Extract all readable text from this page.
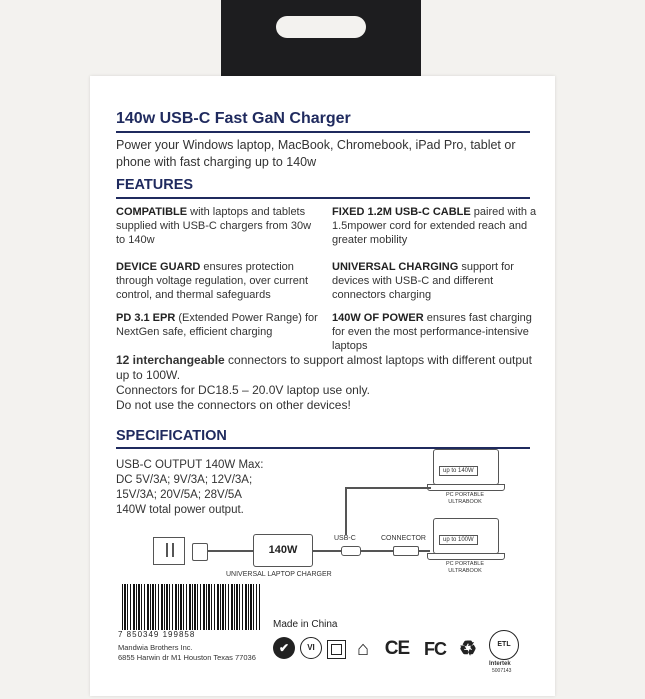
140w USB-C Fast GaN Charger
Power your Windows laptop, MacBook, Chromebook, iPad Pro, tablet or phone with fast charging up to 140w
FEATURES
COMPATIBLE with laptops and tablets supplied with USB-C chargers from 30w to 140w
FIXED 1.2M USB-C CABLE paired with a 1.5mpower cord for extended reach and greater mobility
DEVICE GUARD ensures protection through voltage regulation, over current control, and thermal safeguards
UNIVERSAL CHARGING support for devices with USB-C and different connectors charging
PD 3.1 EPR (Extended Power Range) for NextGen safe, efficient charging
140W OF POWER ensures fast charging for even the most performance-intensive laptops
12 interchangeable connectors to support almost laptops with different output up to 100W.
Connectors for DC18.5 – 20.0V laptop use only.
Do not use the connectors on other devices!
SPECIFICATION
USB-C OUTPUT 140W Max:
DC 5V/3A; 9V/3A; 12V/3A;
15V/3A; 20V/5A; 28V/5A
140W total power output.
up to 140W
PC PORTABLE
ULTRABOOK
up to 100W
PC PORTABLE
ULTRABOOK
140W
USB-C	CONNECTOR
UNIVERSAL LAPTOP CHARGER
7 850349 199858
Mandwia Brothers Inc.
6855 Harwin dr M1 Houston Texas 77036
Made in China
✔	VI	⌂ CE FC ♻	ETL
Intertek
5007143
